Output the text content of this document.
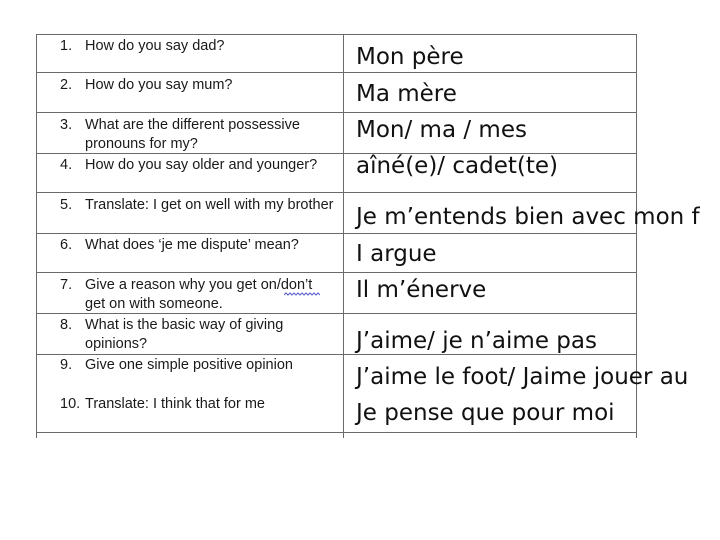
1. How do you say dad?
2. How do you say mum?
3. What are the different possessive pronouns for my?
4. How do you say older and younger?
5. Translate: I get on well with my brother
6. What does ‘je me dispute’ mean?
7. Give a reason why you get on/don’t get on with someone.
8. What is the basic way of giving opinions?
9. Give one simple positive opinion
10. Translate: I think that for me
Mon père
Ma mère
Mon/ ma / mes
aîné(e)/ cadet(te)
Je m’entends bien avec mon f
I argue
Il m’énerve
J’aime/ je n’aime pas
J’aime le foot/ Jaime jouer au
Je pense que pour moi
